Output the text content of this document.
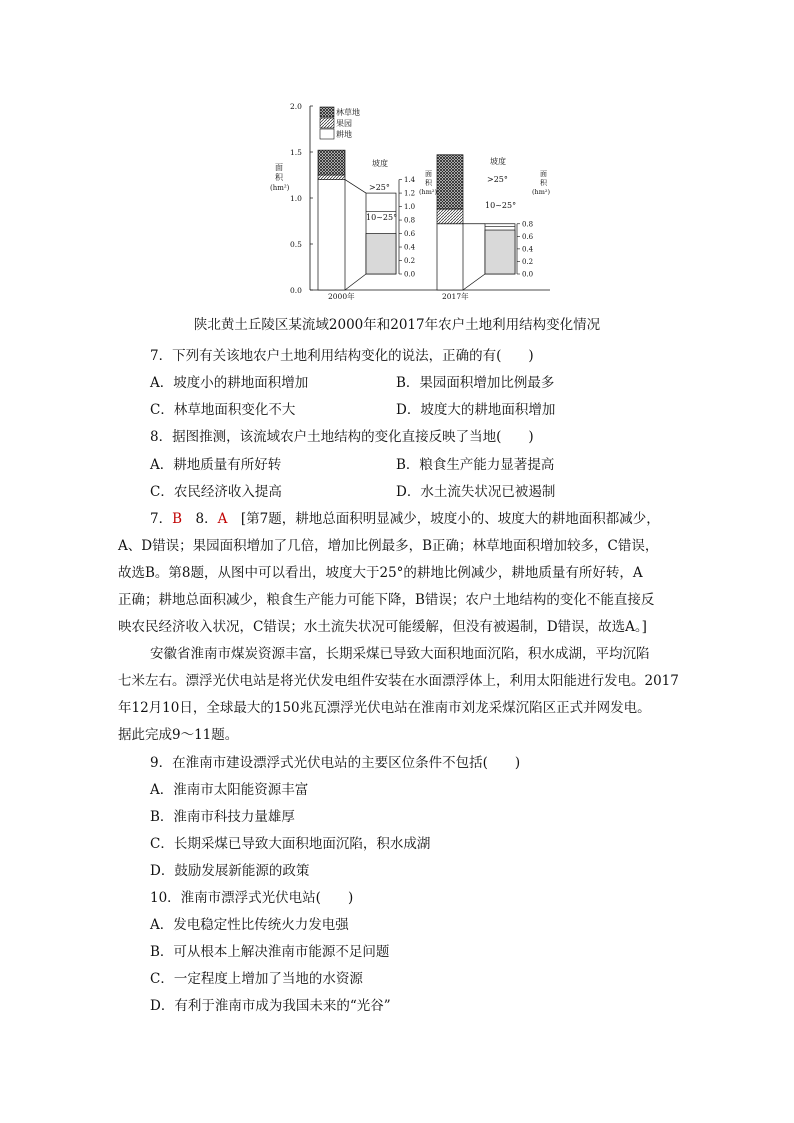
0.0
0.5
1.0
1.5
2.0
林草地
果园
耕地
面
积
(hm²)
0.0
0.2
0.4
0.6
0.8
1.0
1.2
1.4
0.0
0.2
0.4
0.6
0.8
坡度
>25°
10~25°
面
积
(hm²)
坡度
>25°
10~25°
面
积
(hm²)
2000年	2017年
陕北黄土丘陵区某流域2000年和2017年农户土地利用结构变化情况
7．下列有关该地农户土地利用结构变化的说法，正确的有(　　)
A．坡度小的耕地面积增加	B．果园面积增加比例最多
C．林草地面积变化不大	D．坡度大的耕地面积增加
8．据图推测，该流域农户土地结构的变化直接反映了当地(　　)
A．耕地质量有所好转	B．粮食生产能力显著提高
C．农民经济收入提高	D．水土流失状况已被遏制
7．B　8．A　[第7题，耕地总面积明显减少，坡度小的、坡度大的耕地面积都减少，
A、D错误；果园面积增加了几倍，增加比例最多，B正确；林草地面积增加较多，C错误，
故选B。第8题，从图中可以看出，坡度大于25°的耕地比例减少，耕地质量有所好转，A
正确；耕地总面积减少，粮食生产能力可能下降，B错误；农户土地结构的变化不能直接反
映农民经济收入状况，C错误；水土流失状况可能缓解，但没有被遏制，D错误，故选A。]
安徽省淮南市煤炭资源丰富，长期采煤已导致大面积地面沉陷，积水成湖，平均沉陷
七米左右。漂浮光伏电站是将光伏发电组件安装在水面漂浮体上，利用太阳能进行发电。2017
年12月10日，全球最大的150兆瓦漂浮光伏电站在淮南市刘龙采煤沉陷区正式并网发电。
据此完成9～11题。
9．在淮南市建设漂浮式光伏电站的主要区位条件不包括(　　)
A．淮南市太阳能资源丰富
B．淮南市科技力量雄厚
C．长期采煤已导致大面积地面沉陷，积水成湖
D．鼓励发展新能源的政策
10．淮南市漂浮式光伏电站(　　)
A．发电稳定性比传统火力发电强
B．可从根本上解决淮南市能源不足问题
C．一定程度上增加了当地的水资源
D．有利于淮南市成为我国未来的“光谷”
